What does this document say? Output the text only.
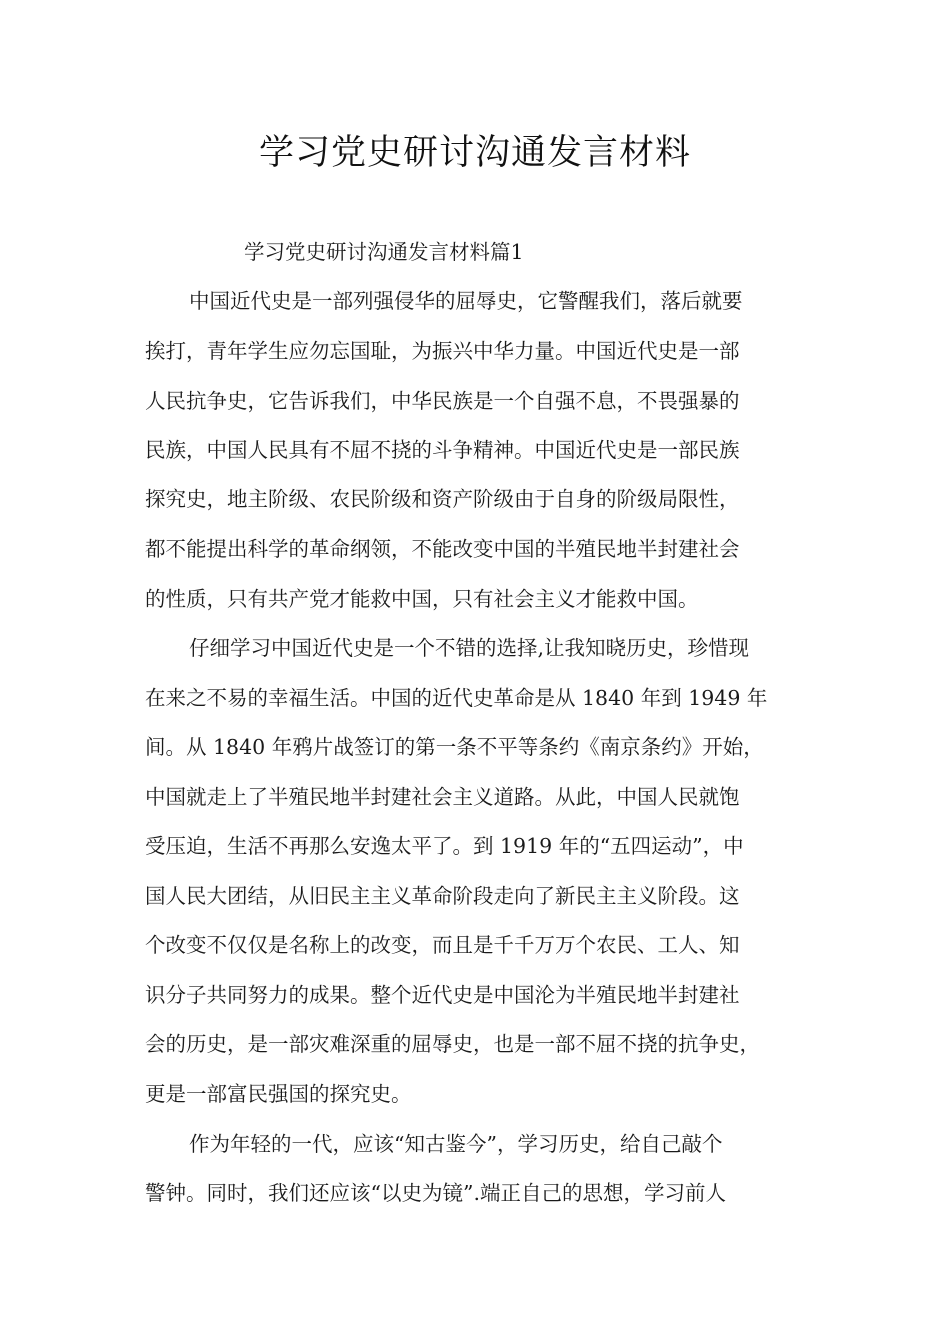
学习党史研讨沟通发言材料
学习党史研讨沟通发言材料篇1
中国近代史是一部列强侵华的屈辱史，它警醒我们，落后就要
挨打，青年学生应勿忘国耻，为振兴中华力量。中国近代史是一部
人民抗争史，它告诉我们，中华民族是一个自强不息，不畏强暴的
民族，中国人民具有不屈不挠的斗争精神。中国近代史是一部民族
探究史，地主阶级、农民阶级和资产阶级由于自身的阶级局限性，
都不能提出科学的革命纲领，不能改变中国的半殖民地半封建社会
的性质，只有共产党才能救中国，只有社会主义才能救中国。
仔细学习中国近代史是一个不错的选择,让我知晓历史，珍惜现
在来之不易的幸福生活。中国的近代史革命是从 1840 年到 1949 年
间。从 1840 年鸦片战签订的第一条不平等条约《南京条约》开始，
中国就走上了半殖民地半封建社会主义道路。从此，中国人民就饱
受压迫，生活不再那么安逸太平了。到 1919 年的“五四运动”，中
国人民大团结，从旧民主主义革命阶段走向了新民主主义阶段。这
个改变不仅仅是名称上的改变，而且是千千万万个农民、工人、知
识分子共同努力的成果。整个近代史是中国沦为半殖民地半封建社
会的历史，是一部灾难深重的屈辱史，也是一部不屈不挠的抗争史，
更是一部富民强国的探究史。
作为年轻的一代，应该“知古鉴今”，学习历史，给自己敲个
警钟。同时，我们还应该“以史为镜”.端正自己的思想，学习前人
